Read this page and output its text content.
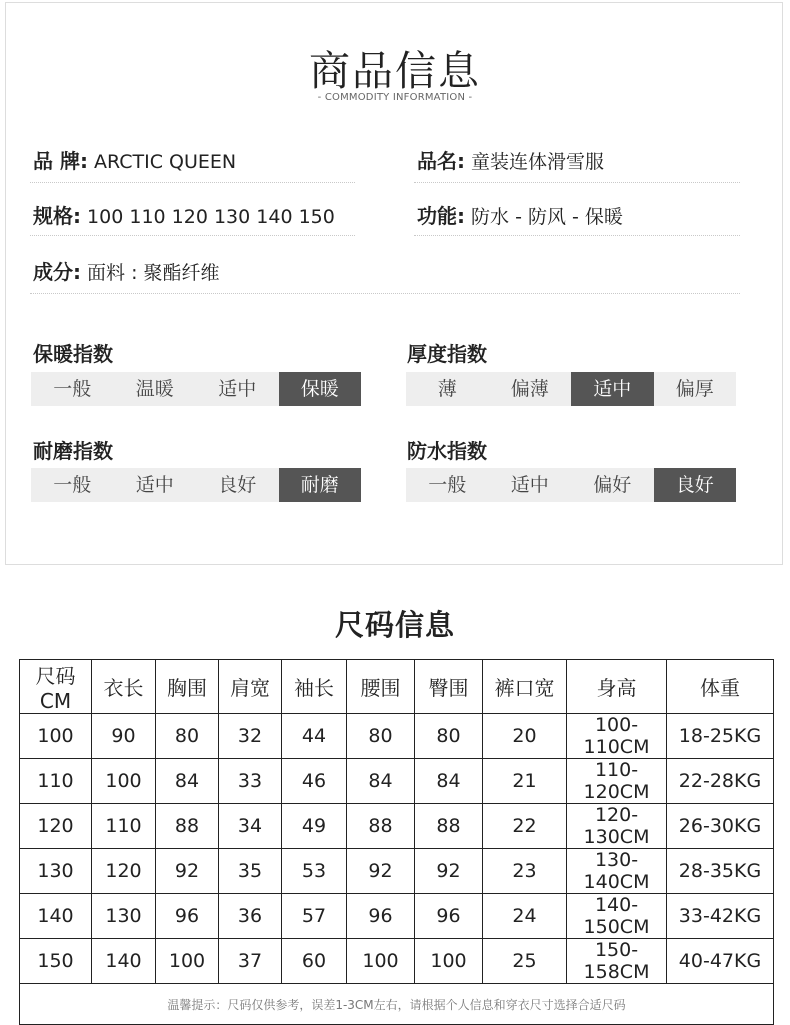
商品信息
- COMMODITY INFORMATION -
品 牌: ARCTIC QUEEN	品名: 童装连体滑雪服
规格: 100 110 120 130 140 150	功能: 防水 - 防风 - 保暖
成分: 面料 : 聚酯纤维
保暖指数
一般	温暖	适中	保暖
厚度指数
薄	偏薄	适中	偏厚
耐磨指数
一般	适中	良好	耐磨
防水指数
一般	适中	偏好	良好
尺码信息
尺码CM	衣长	胸围	肩宽	袖长	腰围	臀围	裤口宽	身高	体重
100	90	80	32	44	80	80	20	100-110CM	18-25KG
110	100	84	33	46	84	84	21	110-120CM	22-28KG
120	110	88	34	49	88	88	22	120-130CM	26-30KG
130	120	92	35	53	92	92	23	130-140CM	28-35KG
140	130	96	36	57	96	96	24	140-150CM	33-42KG
150	140	100	37	60	100	100	25	150-158CM	40-47KG
温馨提示：尺码仅供参考，误差1-3CM左右，请根据个人信息和穿衣尺寸选择合适尺码									
